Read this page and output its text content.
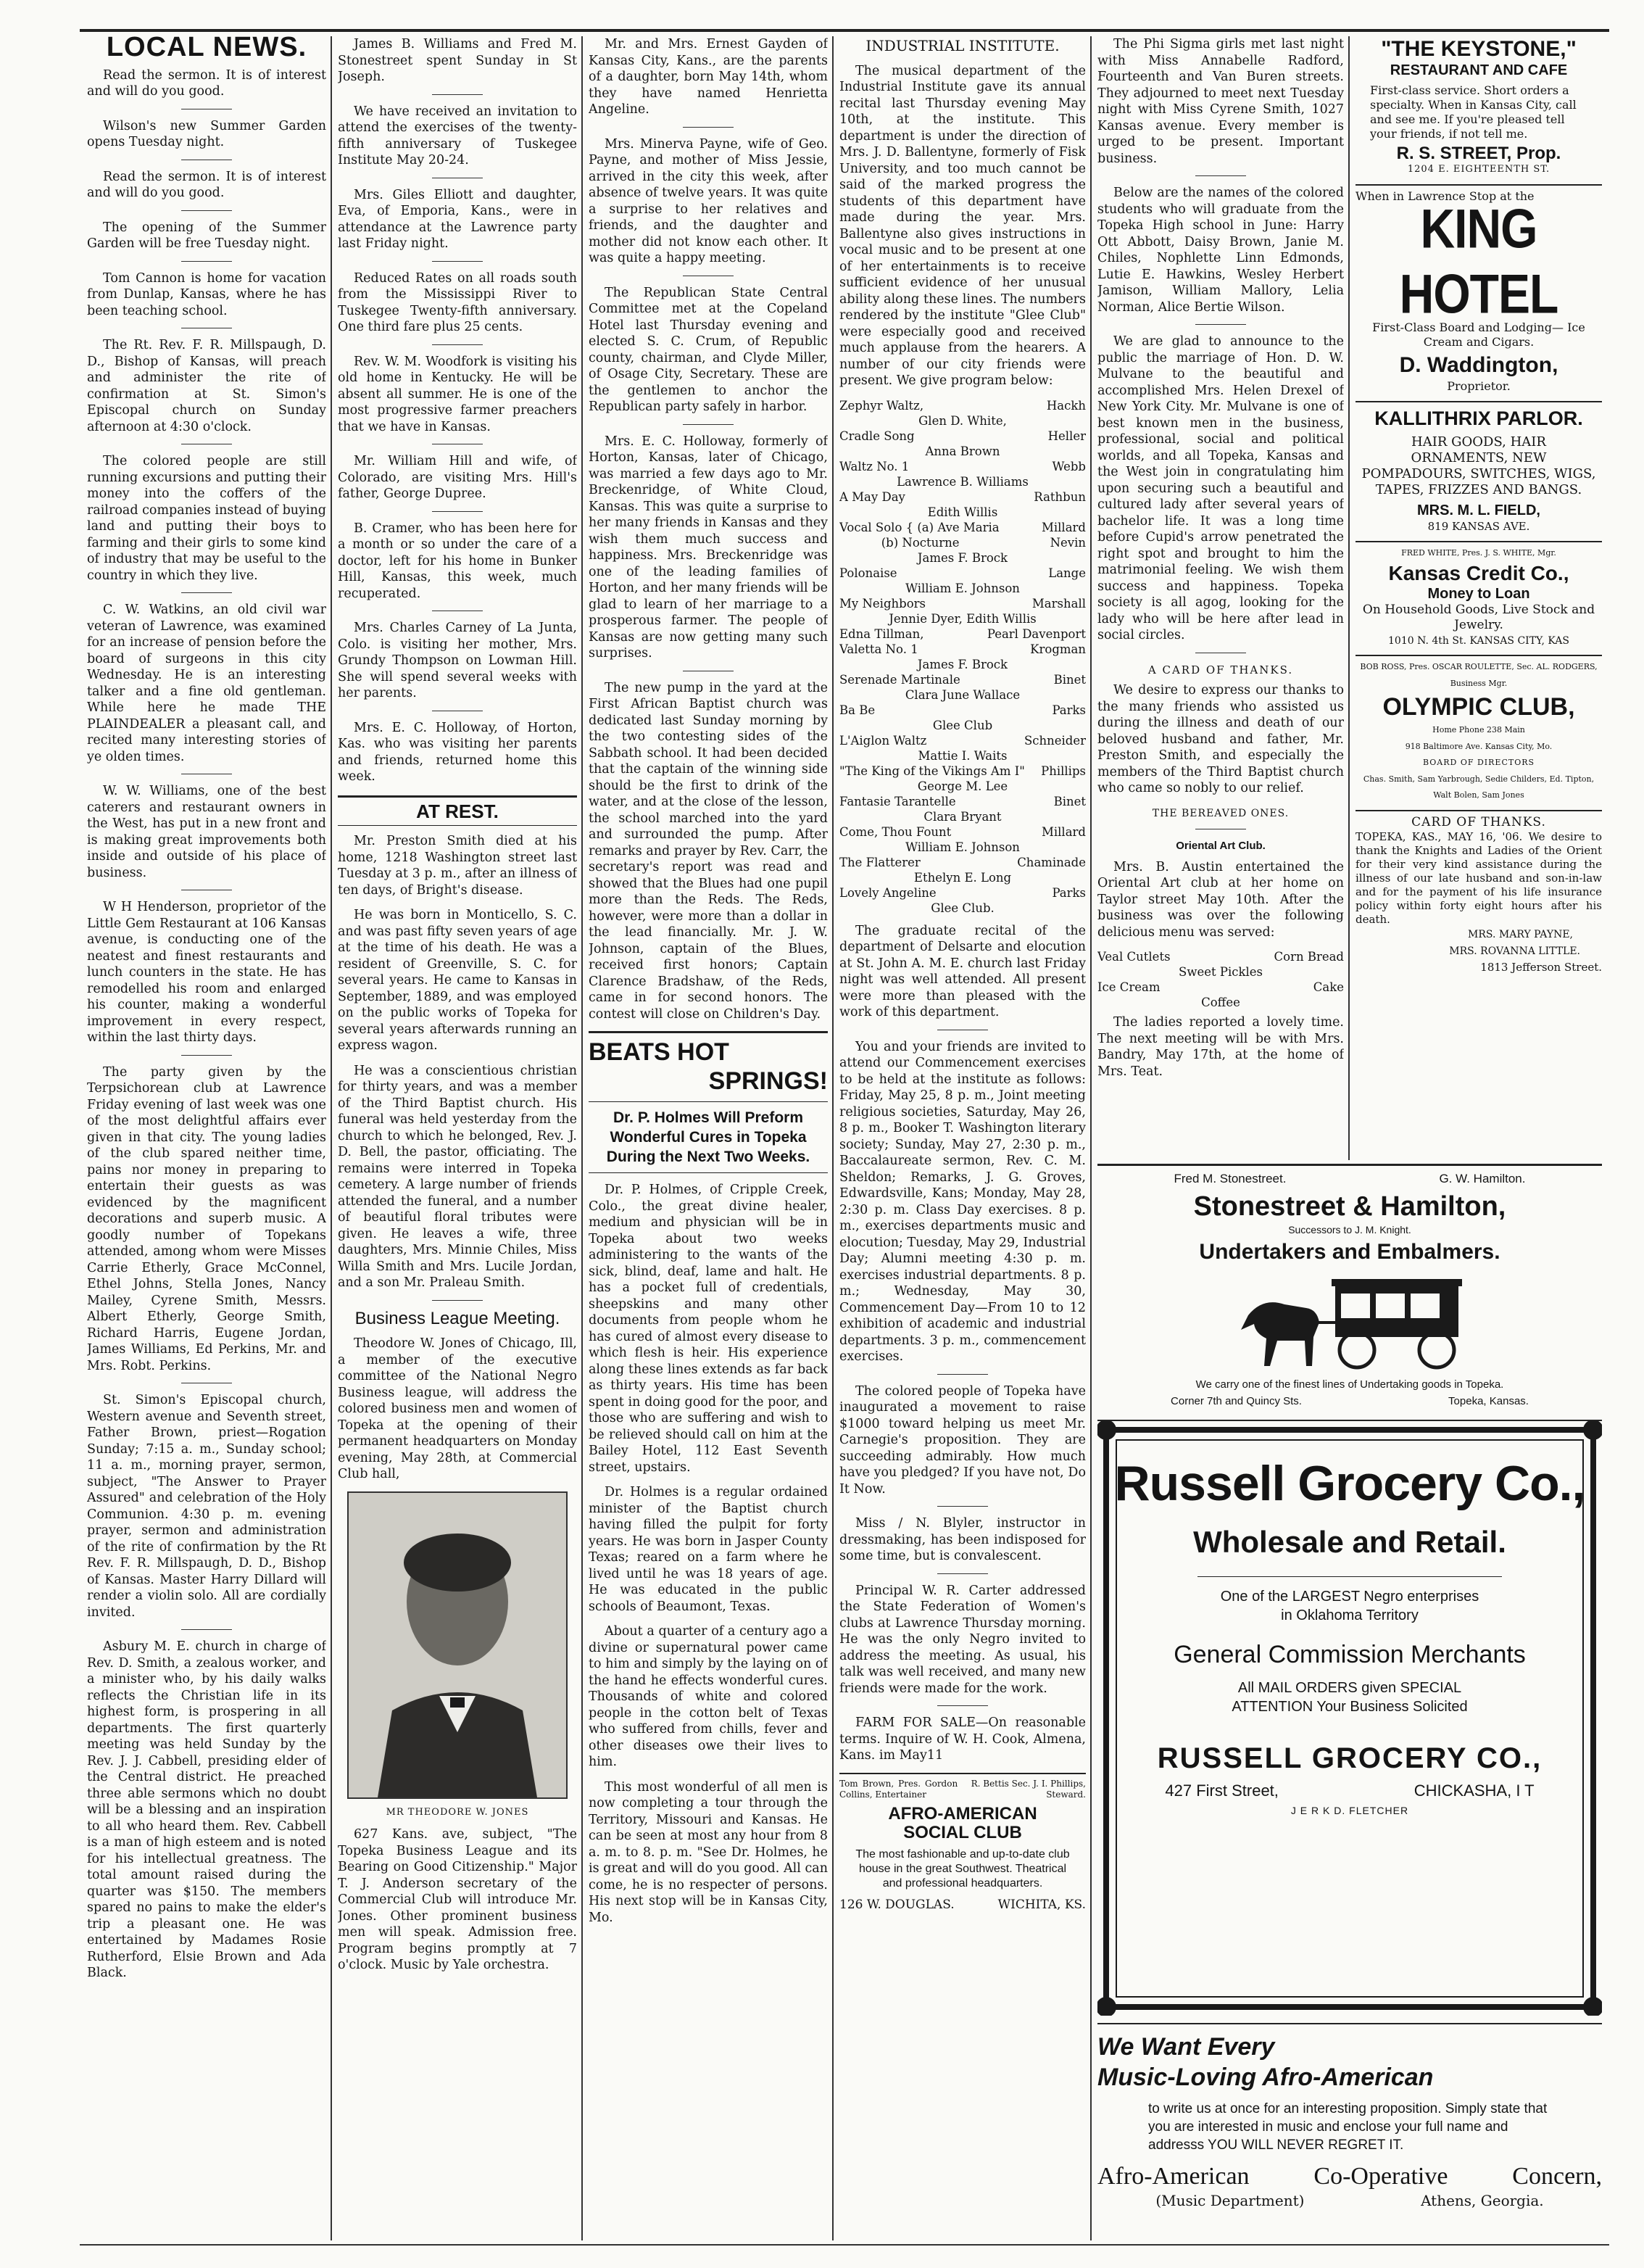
LOCAL NEWS.

Read the sermon. It is of interest and will do you good.

Wilson's new Summer Garden opens Tuesday night.

Read the sermon. It is of interest and will do you good.

The opening of the Summer Garden will be free Tuesday night.

Tom Cannon is home for vacation from Dunlap, Kansas, where he has been teaching school.

The Rt. Rev. F. R. Millspaugh, D. D., Bishop of Kansas, will preach and administer the rite of confirmation at St. Simon's Episcopal church on Sunday afternoon at 4:30 o'clock.

The colored people are still running excursions and putting their money into the coffers of the railroad companies instead of buying land and putting their boys to farming and their girls to some kind of industry that may be useful to the country in which they live.

C. W. Watkins, an old civil war veteran of Lawrence, was examined for an increase of pension before the board of surgeons in this city Wednesday. He is an interesting talker and a fine old gentleman. While here he made THE PLAINDEALER a pleasant call, and recited many interesting stories of ye olden times.

W. W. Williams, one of the best caterers and restaurant owners in the West, has put in a new front and is making great improvements both inside and outside of his place of business.

W H Henderson, proprietor of the Little Gem Restaurant at 106 Kansas avenue, is conducting one of the neatest and finest restaurants and lunch counters in the state. He has remodelled his room and enlarged his counter, making a wonderful improvement in every respect, within the last thirty days.

The party given by the Terpsichorean club at Lawrence Friday evening of last week was one of the most delightful affairs ever given in that city. The young ladies of the club spared neither time, pains nor money in preparing to entertain their guests as was evidenced by the magnificent decorations and superb music. A goodly number of Topekans attended, among whom were Misses Carrie Etherly, Grace McConnel, Ethel Johns, Stella Jones, Nancy Mailey, Cyrene Smith, Messrs. Albert Etherly, George Smith, Richard Harris, Eugene Jordan, James Williams, Ed Perkins, Mr. and Mrs. Robt. Perkins.

St. Simon's Episcopal church, Western avenue and Seventh street, Father Brown, priest—Rogation Sunday; 7:15 a. m., Sunday school; 11 a. m., morning prayer, sermon, subject, "The Answer to Prayer Assured" and celebration of the Holy Communion. 4:30 p. m. evening prayer, sermon and administration of the rite of confirmation by the Rt Rev. F. R. Millspaugh, D. D., Bishop of Kansas. Master Harry Dillard will render a violin solo. All are cordially invited.

Asbury M. E. church in charge of Rev. D. Smith, a zealous worker, and a minister who, by his daily walks reflects the Christian life in its highest form, is prospering in all departments. The first quarterly meeting was held Sunday by the Rev. J. J. Cabbell, presiding elder of the Central district. He preached three able sermons which no doubt will be a blessing and an inspiration to all who heard them. Rev. Cabbell is a man of high esteem and is noted for his intellectual greatness. The total amount raised during the quarter was $150. The members spared no pains to make the elder's trip a pleasant one. He was entertained by Madames Rosie Rutherford, Elsie Brown and Ada Black.

James B. Williams and Fred M. Stonestreet spent Sunday in St Joseph.

We have received an invitation to attend the exercises of the twenty-fifth anniversary of Tuskegee Institute May 20-24.

Mrs. Giles Elliott and daughter, Eva, of Emporia, Kans., were in attendance at the Lawrence party last Friday night.

Reduced Rates on all roads south from the Mississippi River to Tuskegee Twenty-fifth anniversary. One third fare plus 25 cents.

Rev. W. M. Woodfork is visiting his old home in Kentucky. He will be absent all summer. He is one of the most progressive farmer preachers that we have in Kansas.

Mr. William Hill and wife, of Colorado, are visiting Mrs. Hill's father, George Dupree.

B. Cramer, who has been here for a month or so under the care of a doctor, left for his home in Bunker Hill, Kansas, this week, much recuperated.

Mrs. Charles Carney of La Junta, Colo. is visiting her mother, Mrs. Grundy Thompson on Lowman Hill. She will spend several weeks with her parents.

Mrs. E. C. Holloway, of Horton, Kas. who was visiting her parents and friends, returned home this week.

AT REST.

Mr. Preston Smith died at his home, 1218 Washington street last Tuesday at 3 p. m., after an illness of ten days, of Bright's disease.

He was born in Monticello, S. C. and was past fifty seven years of age at the time of his death. He was a resident of Greenville, S. C. for several years. He came to Kansas in September, 1889, and was employed on the public works of Topeka for several years afterwards running an express wagon.

He was a conscientious christian for thirty years, and was a member of the Third Baptist church. His funeral was held yesterday from the church to which he belonged, Rev. J. D. Bell, the pastor, officiating. The remains were interred in Topeka cemetery. A large number of friends attended the funeral, and a number of beautiful floral tributes were given. He leaves a wife, three daughters, Mrs. Minnie Chiles, Miss Willa Smith and Mrs. Lucile Jordan, and a son Mr. Praleau Smith.

Business League Meeting.

Theodore W. Jones of Chicago, Ill, a member of the executive committee of the National Negro Business league, will address the colored business men and women of Topeka at the opening of their permanent headquarters on Monday evening, May 28th, at Commercial Club hall,

MR THEODORE W. JONES

627 Kans. ave, subject, "The Topeka Business League and its Bearing on Good Citizenship." Major T. J. Anderson secretary of the Commercial Club will introduce Mr. Jones. Other prominent business men will speak. Admission free. Program begins promptly at 7 o'clock. Music by Yale orchestra.

Mr. and Mrs. Ernest Gayden of Kansas City, Kans., are the parents of a daughter, born May 14th, whom they have named Henrietta Angeline.

Mrs. Minerva Payne, wife of Geo. Payne, and mother of Miss Jessie, arrived in the city this week, after absence of twelve years. It was quite a surprise to her relatives and friends, and the daughter and mother did not know each other. It was quite a happy meeting.

The Republican State Central Committee met at the Copeland Hotel last Thursday evening and elected S. C. Crum, of Republic county, chairman, and Clyde Miller, of Osage City, Secretary. These are the gentlemen to anchor the Republican party safely in harbor.

Mrs. E. C. Holloway, formerly of Horton, Kansas, later of Chicago, was married a few days ago to Mr. Breckenridge, of White Cloud, Kansas. This was quite a surprise to her many friends in Kansas and they wish them much success and happiness. Mrs. Breckenridge was one of the leading families of Horton, and her many friends will be glad to learn of her marriage to a prosperous farmer. The people of Kansas are now getting many such surprises.

The new pump in the yard at the First African Baptist church was dedicated last Sunday morning by the two contesting sides of the Sabbath school. It had been decided that the captain of the winning side should be the first to drink of the water, and at the close of the lesson, the school marched into the yard and surrounded the pump. After remarks and prayer by Rev. Carr, the secretary's report was read and showed that the Blues had one pupil more than the Reds. The Reds, however, were more than a dollar in the lead financially. Mr. J. W. Johnson, captain of the Blues, received first honors; Captain Clarence Bradshaw, of the Reds, came in for second honors. The contest will close on Children's Day.

BEATS HOT
SPRINGS!
Dr. P. Holmes Will Preform Wonderful Cures in Topeka During the Next Two Weeks.

Dr. P. Holmes, of Cripple Creek, Colo., the great divine healer, medium and physician will be in Topeka about two weeks administering to the wants of the sick, blind, deaf, lame and halt. He has a pocket full of credentials, sheepskins and many other documents from people whom he has cured of almost every disease to which flesh is heir. His experience along these lines extends as far back as thirty years. His time has been spent in doing good for the poor, and those who are suffering and wish to be relieved should call on him at the Bailey Hotel, 112 East Seventh street, upstairs.

Dr. Holmes is a regular ordained minister of the Baptist church having filled the pulpit for forty years. He was born in Jasper County Texas; reared on a farm where he lived until he was 18 years of age. He was educated in the public schools of Beaumont, Texas.

About a quarter of a century ago a divine or supernatural power came to him and simply by the laying on of the hand he effects wonderful cures. Thousands of white and colored people in the cotton belt of Texas who suffered from chills, fever and other diseases owe their lives to him.

This most wonderful of all men is now completing a tour through the Territory, Missouri and Kansas. He can be seen at most any hour from 8 a. m. to 8. p. m. "See Dr. Holmes, he is great and will do you good. All can come, he is no respecter of persons. His next stop will be in Kansas City, Mo.

INDUSTRIAL INSTITUTE.

The musical department of the Industrial Institute gave its annual recital last Thursday evening May 10th, at the institute. This department is under the direction of Mrs. J. D. Ballentyne, formerly of Fisk University, and too much cannot be said of the marked progress the students of this department have made during the year. Mrs. Ballentyne also gives instructions in vocal music and to be present at one of her entertainments is to receive sufficient evidence of her unusual ability along these lines. The numbers rendered by the institute "Glee Club" were especially good and received much applause from the hearers. A number of our city friends were present. We give program below:

Zephyr Waltz,	Hackh
Glen D. White,
Cradle Song	Heller
Anna Brown
Waltz No. 1	Webb
Lawrence B. Williams
A May Day	Rathbun
Edith Willis
Vocal Solo { (a) Ave Maria	Millard
(b) Nocturne	Nevin
James F. Brock
Polonaise	Lange
William E. Johnson
My Neighbors	Marshall
Jennie Dyer, Edith Willis
Edna Tillman,	Pearl Davenport
Valetta No. 1	Krogman
James F. Brock
Serenade Martinale	Binet
Clara June Wallace
Ba Be	Parks
Glee Club
L'Aiglon Waltz	Schneider
Mattie I. Waits
"The King of the Vikings Am I" Phillips
George M. Lee
Fantasie Tarantelle	Binet
Clara Bryant
Come, Thou Fount	Millard
William E. Johnson
The Flatterer	Chaminade
Ethelyn E. Long
Lovely Angeline	Parks
Glee Club.

The graduate recital of the department of Delsarte and elocution at St. John A. M. E. church last Friday night was well attended. All present were more than pleased with the work of this department.

You and your friends are invited to attend our Commencement exercises to be held at the institute as follows: Friday, May 25, 8 p. m., Joint meeting religious societies, Saturday, May 26, 8 p. m., Booker T. Washington literary society; Sunday, May 27, 2:30 p. m., Baccalaureate sermon, Rev. C. M. Sheldon; Remarks, J. G. Groves, Edwardsville, Kans; Monday, May 28, 2:30 p. m. Class Day exercises. 8 p. m., exercises departments music and elocution; Tuesday, May 29, Industrial Day; Alumni meeting 4:30 p. m. exercises industrial departments. 8 p. m.; Wednesday, May 30, Commencement Day—From 10 to 12 exhibition of academic and industrial departments. 3 p. m., commencement exercises.

The colored people of Topeka have inaugurated a movement to raise $1000 toward helping us meet Mr. Carnegie's proposition. They are succeeding admirably. How much have you pledged? If you have not, Do It Now.

Miss / N. Blyler, instructor in dressmaking, has been indisposed for some time, but is convalescent.

Principal W. R. Carter addressed the State Federation of Women's clubs at Lawrence Thursday morning. He was the only Negro invited to address the meeting. As usual, his talk was well received, and many new friends were made for the work.

FARM FOR SALE—On reasonable terms. Inquire of W. H. Cook, Almena, Kans. im May11

Tom Brown, Pres. Gordon Collins, Entertainer
R. Bettis Sec. J. I. Phillips, Steward.
AFRO-AMERICAN
SOCIAL CLUB
The most fashionable and up-to-date club house in the great Southwest. Theatrical and professional headquarters.
126 W. DOUGLAS.	WICHITA, KS.

The Phi Sigma girls met last night with Miss Annabelle Radford, Fourteenth and Van Buren streets. They adjourned to meet next Tuesday night with Miss Cyrene Smith, 1027 Kansas avenue. Every member is urged to be present. Important business.

Below are the names of the colored students who will graduate from the Topeka High school in June: Harry Ott Abbott, Daisy Brown, Janie M. Chiles, Nophlette Linn Edmonds, Lutie E. Hawkins, Wesley Herbert Jamison, William Mallory, Lelia Norman, Alice Bertie Wilson.

We are glad to announce to the public the marriage of Hon. D. W. Mulvane to the beautiful and accomplished Mrs. Helen Drexel of New York City. Mr. Mulvane is one of best known men in the business, professional, social and political worlds, and all Topeka, Kansas and the West join in congratulating him upon securing such a beautiful and cultured lady after several years of bachelor life. It was a long time before Cupid's arrow penetrated the right spot and brought to him the matrimonial feeling. We wish them success and happiness. Topeka society is all agog, looking for the lady who will be here after lead in social circles.

A CARD OF THANKS.

We desire to express our thanks to the many friends who assisted us during the illness and death of our beloved husband and father, Mr. Preston Smith, and especially the members of the Third Baptist church who came so nobly to our relief.

THE BEREAVED ONES.
Oriental Art Club.

Mrs. B. Austin entertained the Oriental Art club at her home on Taylor street May 10th. After the business was over the following delicious menu was served:

Veal Cutlets	Corn Bread
Sweet Pickles
Ice Cream	Cake
Coffee

The ladies reported a lovely time. The next meeting will be with Mrs. Bandry, May 17th, at the home of Mrs. Teat.

"THE KEYSTONE,"
RESTAURANT AND CAFE
First-class service. Short orders a specialty. When in Kansas City, call and see me. If you're pleased tell your friends, if not tell me.
R. S. STREET, Prop.
1204 E. EIGHTEENTH ST.
When in Lawrence Stop at the
KING HOTEL
First-Class Board and Lodging— Ice Cream and Cigars.
D. Waddington,
Proprietor.
KALLITHRIX PARLOR.
HAIR GOODS, HAIR ORNAMENTS, NEW POMPADOURS, SWITCHES, WIGS, TAPES, FRIZZES AND BANGS.
MRS. M. L. FIELD,
819 KANSAS AVE.
FRED WHITE, Pres. J. S. WHITE, Mgr.
Kansas Credit Co.,
Money to Loan
On Household Goods, Live Stock and Jewelry.
1010 N. 4th St. KANSAS CITY, KAS
BOB ROSS, Pres. OSCAR ROULETTE, Sec. AL. RODGERS, Business Mgr.
OLYMPIC CLUB,
Home Phone 238 Main
918 Baltimore Ave. Kansas City, Mo.
BOARD OF DIRECTORS
Chas. Smith, Sam Yarbrough, Sedie Childers, Ed. Tipton, Walt Bolen, Sam Jones
CARD OF THANKS.
TOPEKA, KAS., MAY 16, '06. We desire to thank the Knights and Ladies of the Orient for their very kind assistance during the illness of our late husband and son-in-law and for the payment of his life insurance policy within forty eight hours after his death.
MRS. MARY PAYNE,
MRS. ROVANNA LITTLE.
1813 Jefferson Street.
Fred M. Stonestreet.	G. W. Hamilton.
Stonestreet & Hamilton,
Successors to J. M. Knight.
Undertakers and Embalmers.
We carry one of the finest lines of Undertaking goods in Topeka.
Corner 7th and Quincy Sts.	Topeka, Kansas.
Russell Grocery Co.,
Wholesale and Retail.
One of the LARGEST Negro enterprises
in Oklahoma Territory
General Commission Merchants
All MAIL ORDERS given SPECIAL
ATTENTION Your Business Solicited
RUSSELL GROCERY CO.,
427 First Street,	CHICKASHA, I T
J E R K D. FLETCHER
We Want Every
Music-Loving Afro-American
to write us at once for an interesting proposition. Simply state that you are interested in music and enclose your full name and addresss YOU WILL NEVER REGRET IT.
Afro-American	Co-Operative	Concern,
(Music Department)	Athens, Georgia.
